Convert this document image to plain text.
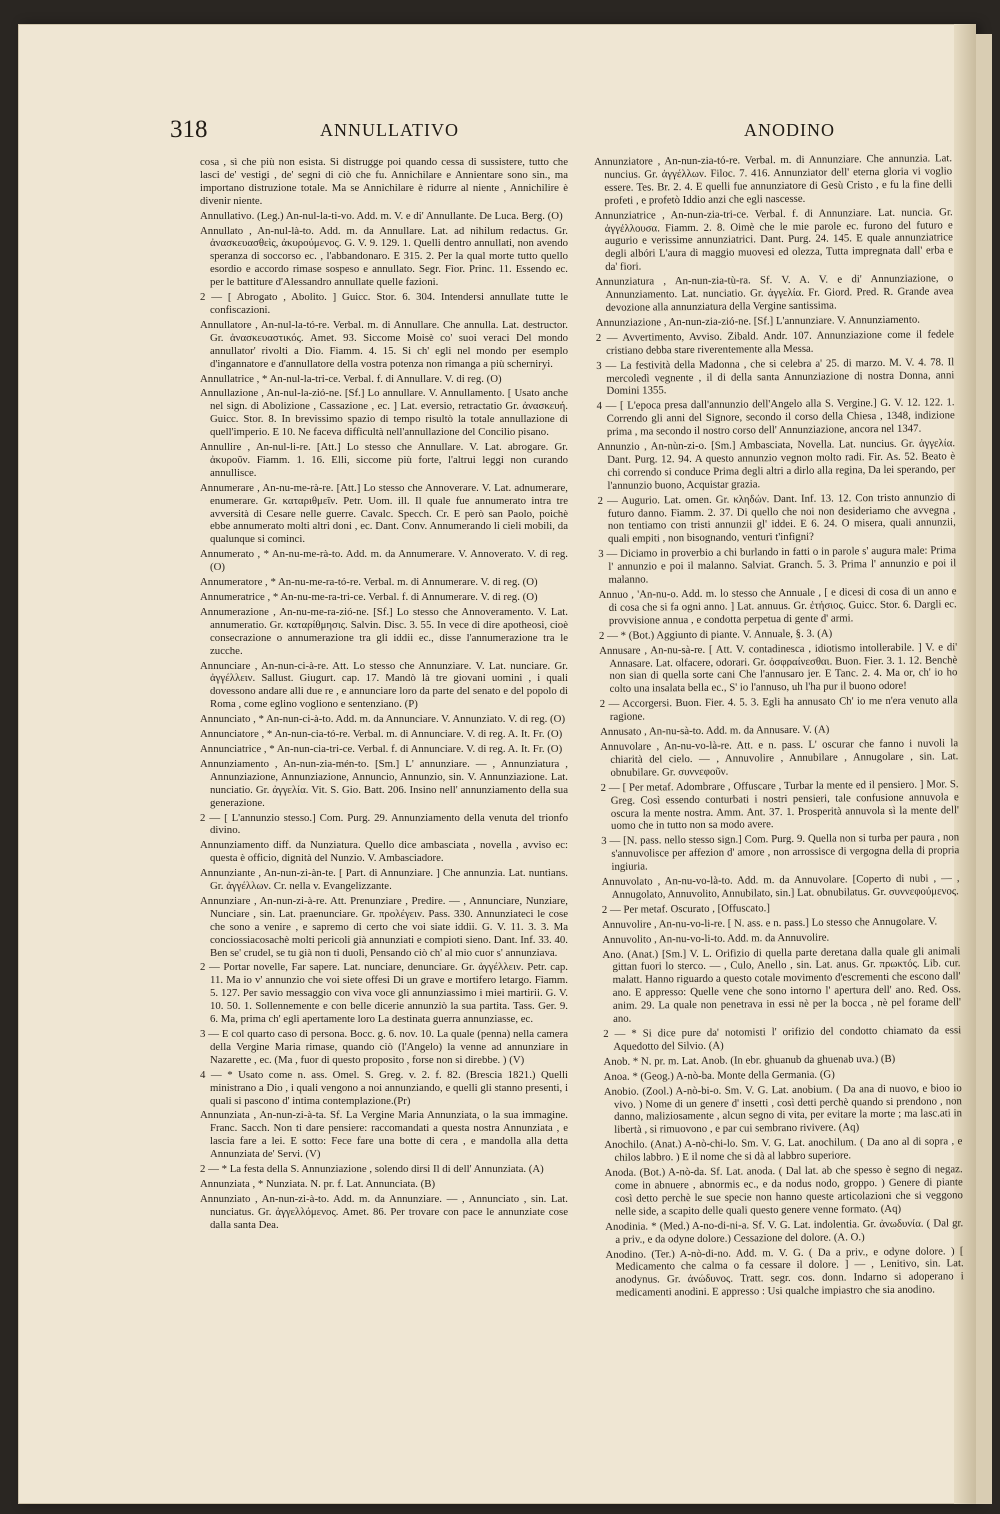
318	ANNULLATIVO	ANODINO
cosa , sì che più non esista. Si distrugge poi quando cessa di sussistere, tutto che lasci de' vestigi , de' segni di ciò che fu. Annichilare e Annientare sono sin., ma importano distruzione totale. Ma se Annichilare è ridurre al niente , Annichilire è divenir niente.
Annullativo. (Leg.) An-nul-la-ti-vo. Add. m. V. e di' Annullante. De Luca. Berg. (O)
Annullato , An-nul-là-to. Add. m. da Annullare. Lat. ad nihilum redactus. Gr. ἀνασκευασθεὶς, ἀκυρούμενος. G. V. 9. 129. 1. Quelli dentro annullati, non avendo speranza di soccorso ec. , l'abbandonaro. E 315. 2. Per la qual morte tutto quello esordio e accordo rimase sospeso e annullato. Segr. Fior. Princ. 11. Essendo ec. per le battiture d'Alessandro annullate quelle fazioni.
2 — [ Abrogato , Abolito. ] Guicc. Stor. 6. 304. Intendersi annullate tutte le confiscazioni.
Annullatore , An-nul-la-tó-re. Verbal. m. di Annullare. Che annulla. Lat. destructor. Gr. ἀνασκευαστικός. Amet. 93. Siccome Moisè co' suoi veraci Del mondo annullator' rivolti a Dio. Fiamm. 4. 15. Si ch' egli nel mondo per esemplo d'ingannatore e d'annullatore della vostra potenza non rimanga a più scherniryi.
Annullatrice , * An-nul-la-tri-ce. Verbal. f. di Annullare. V. di reg. (O)
Annullazione , An-nul-la-zió-ne. [Sf.] Lo annullare. V. Annullamento. [ Usato anche nel sign. di Abolizione , Cassazione , ec. ] Lat. eversio, retractatio Gr. ἀνασκευή. Guicc. Stor. 8. In brevissimo spazio di tempo risultò la totale annullazione di quell'imperio. E 10. Ne faceva difficultà nell'annullazione del Concilio pisano.
Annullire , An-nul-li-re. [Att.] Lo stesso che Annullare. V. Lat. abrogare. Gr. ἀκυροῦν. Fiamm. 1. 16. Elli, siccome più forte, l'altrui leggi non curando annullisce.
Annumerare , An-nu-me-rà-re. [Att.] Lo stesso che Annoverare. V. Lat. adnumerare, enumerare. Gr. καταριθμεῖν. Petr. Uom. ill. Il quale fue annumerato intra tre avversità di Cesare nelle guerre. Cavalc. Specch. Cr. E però san Paolo, poichè ebbe annumerato molti altri doni , ec. Dant. Conv. Annumerando li cieli mobili, da qualunque si cominci.
Annumerato , * An-nu-me-rà-to. Add. m. da Annumerare. V. Annoverato. V. di reg. (O)
Annumeratore , * An-nu-me-ra-tó-re. Verbal. m. di Annumerare. V. di reg. (O)
Annumeratrice , * An-nu-me-ra-tri-ce. Verbal. f. di Annumerare. V. di reg. (O)
Annumerazione , An-nu-me-ra-zió-ne. [Sf.] Lo stesso che Annoveramento. V. Lat. annumeratio. Gr. καταρίθμησις. Salvin. Disc. 3. 55. In vece di dire apotheosi, cioè consecrazione o annumerazione tra gli iddii ec., disse l'annumerazione tra le zucche.
Annunciare , An-nun-ci-à-re. Att. Lo stesso che Annunziare. V. Lat. nunciare. Gr. ἀγγέλλειν. Sallust. Giugurt. cap. 17. Mandò là tre giovani uomini , i quali dovessono andare alli due re , e annunciare loro da parte del senato e del popolo di Roma , come eglino vogliono e sentenziano. (P)
Annunciato , * An-nun-ci-à-to. Add. m. da Annunciare. V. Annunziato. V. di reg. (O)
Annunciatore , * An-nun-cia-tó-re. Verbal. m. di Annunciare. V. di reg. A. It. Fr. (O)
Annunciatrice , * An-nun-cia-tri-ce. Verbal. f. di Annunciare. V. di reg. A. It. Fr. (O)
Annunziamento , An-nun-zia-mén-to. [Sm.] L' annunziare. — , Annunziatura , Annunziazione, Annunziazione, Annuncio, Annunzio, sin. V. Annunziazione. Lat. nunciatio. Gr. ἀγγελία. Vit. S. Gio. Batt. 206. Insino nell' annunziamento della sua generazione.
2 — [ L'annunzio stesso.] Com. Purg. 29. Annunziamento della venuta del trionfo divino.
Annunziamento diff. da Nunziatura. Quello dice ambasciata , novella , avviso ec: questa è officio, dignità del Nunzio. V. Ambasciadore.
Annunziante , An-nun-zi-àn-te. [ Part. di Annunziare. ] Che annunzia. Lat. nuntians. Gr. ἀγγέλλων. Cr. nella v. Evangelizzante.
Annunziare , An-nun-zi-à-re. Att. Prenunziare , Predire. — , Annunciare, Nunziare, Nunciare , sin. Lat. praenunciare. Gr. προλέγειν. Pass. 330. Annunziateci le cose che sono a venire , e sapremo di certo che voi siate iddii. G. V. 11. 3. 3. Ma conciossiacosachè molti pericoli già annunziati e compioti sieno. Dant. Inf. 33. 40. Ben se' crudel, se tu già non ti duoli, Pensando ciò ch' al mio cuor s' annunziava.
2 — Portar novelle, Far sapere. Lat. nunciare, denunciare. Gr. ἀγγέλλειν. Petr. cap. 11. Ma io v' annunzio che voi siete offesi Di un grave e mortifero letargo. Fiamm. 5. 127. Per savio messaggio con viva voce gli annunziassimo i miei martirii. G. V. 10. 50. 1. Sollennemente e con belle dicerie annunziò la sua partita. Tass. Ger. 9. 6. Ma, prima ch' egli apertamente loro La destinata guerra annunziasse, ec.
3 — E col quarto caso di persona. Bocc. g. 6. nov. 10. La quale (penna) nella camera della Vergine Maria rimase, quando ciò (l'Angelo) la venne ad annunziare in Nazarette , ec. (Ma , fuor di questo proposito , forse non si direbbe. ) (V)
4 — * Usato come n. ass. Omel. S. Greg. v. 2. f. 82. (Brescia 1821.) Quelli ministrano a Dio , i quali vengono a noi annunziando, e quelli gli stanno presenti, i quali si pascono d' intima contemplazione.(Pr)
Annunziata , An-nun-zi-à-ta. Sf. La Vergine Maria Annunziata, o la sua immagine. Franc. Sacch. Non ti dare pensiere: raccomandati a questa nostra Annunziata , e lascia fare a lei. E sotto: Fece fare una botte di cera , e mandolla alla detta Annunziata de' Servi. (V)
2 — * La festa della S. Annunziazione , solendo dirsi Il di dell' Annunziata. (A)
Annunziata , * Nunziata. N. pr. f. Lat. Annunciata. (B)
Annunziato , An-nun-zi-à-to. Add. m. da Annunziare. — , Annunciato , sin. Lat. nunciatus. Gr. ἀγγελλόμενος. Amet. 86. Per trovare con pace le annunziate cose dalla santa Dea.
Annunziatore , An-nun-zia-tó-re. Verbal. m. di Annunziare. Che annunzia. Lat. nuncius. Gr. ἀγγέλλων. Filoc. 7. 416. Annunziator dell' eterna gloria vi voglio essere. Tes. Br. 2. 4. E quelli fue annunziatore di Gesù Cristo , e fu la fine delli profeti , e profetò Iddio anzi che egli nascesse.
Annunziatrice , An-nun-zia-tri-ce. Verbal. f. di Annunziare. Lat. nuncia. Gr. ἀγγέλλουσα. Fiamm. 2. 8. Oimè che le mie parole ec. furono del futuro e augurio e verissime annunziatrici. Dant. Purg. 24. 145. E quale annunziatrice degli albóri L'aura di maggio muovesi ed olezza, Tutta impregnata dall' erba e da' fiori.
Annunziatura , An-nun-zia-tù-ra. Sf. V. A. V. e di' Annunziazione, o Annunziamento. Lat. nunciatio. Gr. ἀγγελία. Fr. Giord. Pred. R. Grande avea devozione alla annunziatura della Vergine santissima.
Annunziazione , An-nun-zia-zió-ne. [Sf.] L'annunziare. V. Annunziamento.
2 — Avvertimento, Avviso. Zibald. Andr. 107. Annunziazione come il fedele cristiano debba stare riverentemente alla Messa.
3 — La festività della Madonna , che si celebra a' 25. di marzo. M. V. 4. 78. Il mercoledì vegnente , il di della santa Annunziazione di nostra Donna, anni Domini 1355.
4 — [ L'epoca presa dall'annunzio dell'Angelo alla S. Vergine.] G. V. 12. 122. 1. Correndo gli anni del Signore, secondo il corso della Chiesa , 1348, indizione prima , ma secondo il nostro corso dell' Annunziazione, ancora nel 1347.
Annunzio , An-nùn-zi-o. [Sm.] Ambasciata, Novella. Lat. nuncius. Gr. ἀγγελία. Dant. Purg. 12. 94. A questo annunzio vegnon molto radi. Fir. As. 52. Beato è chi correndo si conduce Prima degli altri a dirlo alla regina, Da lei sperando, per l'annunzio buono, Acquistar grazia.
2 — Augurio. Lat. omen. Gr. κληδών. Dant. Inf. 13. 12. Con tristo annunzio di futuro danno. Fiamm. 2. 37. Di quello che noi non desideriamo che avvegna , non tentiamo con tristi annunzii gl' iddei. E 6. 24. O misera, quali annunzii, quali empiti , non bisognando, venturi t'infigni?
3 — Diciamo in proverbio a chi burlando in fatti o in parole s' augura male: Prima l' annunzio e poi il malanno. Salviat. Granch. 5. 3. Prima l' annunzio e poi il malanno.
Annuo , 'An-nu-o. Add. m. lo stesso che Annuale , [ e dicesi di cosa di un anno e di cosa che si fa ogni anno. ] Lat. annuus. Gr. ἐτήσιος. Guicc. Stor. 6. Dargli ec. provvisione annua , e condotta perpetua di gente d' armi.
2 — * (Bot.) Aggiunto di piante. V. Annuale, §. 3. (A)
Annusare , An-nu-sà-re. [ Att. V. contadinesca , idiotismo intollerabile. ] V. e di' Annasare. Lat. olfacere, odorari. Gr. ὀσφραίνεσθαι. Buon. Fier. 3. 1. 12. Benchè non sian di quella sorte cani Che l'annusaro jer. E Tanc. 2. 4. Ma or, ch' io ho colto una insalata bella ec., S' io l'annuso, uh l'ha pur il buono odore!
2 — Accorgersi. Buon. Fier. 4. 5. 3. Egli ha annusato Ch' io me n'era venuto alla ragione.
Annusato , An-nu-sà-to. Add. m. da Annusare. V. (A)
Annuvolare , An-nu-vo-là-re. Att. e n. pass. L' oscurar che fanno i nuvoli la chiarità del cielo. — , Annuvolire , Annubilare , Annugolare , sin. Lat. obnubilare. Gr. συννεφοῦν.
2 — [ Per metaf. Adombrare , Offuscare , Turbar la mente ed il pensiero. ] Mor. S. Greg. Così essendo conturbati i nostri pensieri, tale confusione annuvola e oscura la mente nostra. Amm. Ant. 37. 1. Prosperità annuvola sì la mente dell' uomo che in tutto non sa modo avere.
3 — [N. pass. nello stesso sign.] Com. Purg. 9. Quella non si turba per paura , non s'annuvolisce per affezion d' amore , non arrossisce di vergogna della di propria ingiuria.
Annuvolato , An-nu-vo-là-to. Add. m. da Annuvolare. [Coperto di nubi , — , Annugolato, Annuvolito, Annubilato, sin.] Lat. obnubilatus. Gr. συννεφούμενος.
2 — Per metaf. Oscurato , [Offuscato.]
Annuvolire , An-nu-vo-li-re. [ N. ass. e n. pass.] Lo stesso che Annugolare. V.
Annuvolito , An-nu-vo-li-to. Add. m. da Annuvolire.
Ano. (Anat.) [Sm.] V. L. Orifizio di quella parte deretana dalla quale gli animali gittan fuori lo sterco. — , Culo, Anello , sin. Lat. anus. Gr. πρωκτός. Lib. cur. malatt. Hanno riguardo a questo cotale movimento d'escrementi che escono dall' ano. E appresso: Quelle vene che sono intorno l' apertura dell' ano. Red. Oss. anim. 29. La quale non penetrava in essi nè per la bocca , nè pel forame dell' ano.
2 — * Si dice pure da' notomisti l' orifizio del condotto chiamato da essi Aquedotto del Silvio. (A)
Anob. * N. pr. m. Lat. Anob. (In ebr. ghuanub da ghuenab uva.) (B)
Anoa. * (Geog.) A-nò-ba. Monte della Germania. (G)
Anobio. (Zool.) A-nò-bi-o. Sm. V. G. Lat. anobium. ( Da ana di nuovo, e bioo io vivo. ) Nome di un genere d' insetti , così detti perchè quando si prendono , non danno, maliziosamente , alcun segno di vita, per evitare la morte ; ma lasc.ati in libertà , si rimuovono , e par cui sembrano rivivere. (Aq)
Anochilo. (Anat.) A-nò-chi-lo. Sm. V. G. Lat. anochilum. ( Da ano al di sopra , e chilos labbro. ) E il nome che si dà al labbro superiore.
Anoda. (Bot.) A-nò-da. Sf. Lat. anoda. ( Dal lat. ab che spesso è segno di negaz. come in abnuere , abnormis ec., e da nodus nodo, groppo. ) Genere di piante così detto perchè le sue specie non hanno queste articolazioni che si veggono nelle side, a scapito delle quali questo genere venne formato. (Aq)
Anodinia. * (Med.) A-no-di-ni-a. Sf. V. G. Lat. indolentia. Gr. ἀνωδυνία. ( Dal gr. a priv., e da odyne dolore.) Cessazione del dolore. (A. O.)
Anodino. (Ter.) A-nò-di-no. Add. m. V. G. ( Da a priv., e odyne dolore. ) [ Medicamento che calma o fa cessare il dolore. ] — , Lenitivo, sin. Lat. anodynus. Gr. ἀνώδυνος. Tratt. segr. cos. donn. Indarno si adoperano i medicamenti anodini. E appresso : Usi qualche impiastro che sia anodino.
